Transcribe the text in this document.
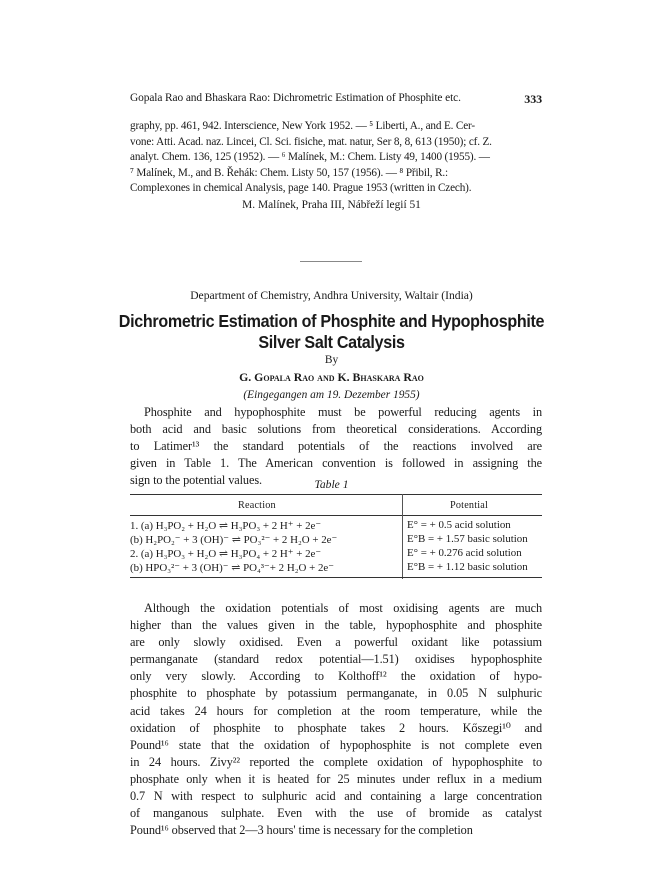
Gopala Rao and Bhaskara Rao: Dichrometric Estimation of Phosphite etc.	333
graphy, pp. 461, 942. Interscience, New York 1952. — ⁵ Liberti, A., and E. Cer-
vone: Atti. Acad. naz. Lincei, Cl. Sci. fisiche, mat. natur, Ser 8, 8, 613 (1950); cf. Z.
analyt. Chem. 136, 125 (1952). — ⁶ Malínek, M.: Chem. Listy 49, 1400 (1955). —
⁷ Malínek, M., and B. Řehák: Chem. Listy 50, 157 (1956). — ⁸ Přibil, R.:
Complexones in chemical Analysis, page 140. Prague 1953 (written in Czech).
M. Malínek, Praha III, Nábřeží legií 51
Department of Chemistry, Andhra University, Waltair (India)
Dichrometric Estimation of Phosphite and Hypophosphite
Silver Salt Catalysis
By
G. Gopala Rao and K. Bhaskara Rao
(Eingegangen am 19. Dezember 1955)
Phosphite and hypophosphite must be powerful reducing agents in
both acid and basic solutions from theoretical considerations. According
to Latimer¹³ the standard potentials of the reactions involved are
given in Table 1. The American convention is followed in assigning the
sign to the potential values.	Table 1
Reaction	Potential
1. (a) H₃PO₂ + H₂O ⇌ H₃PO₃ + 2 H⁺ + 2e⁻	E° = + 0.5 acid solution
(b) H₂PO₂⁻ + 3 (OH)⁻ ⇌ PO₃²⁻ + 2 H₂O + 2e⁻	E°B = + 1.57 basic solution
2. (a) H₃PO₃ + H₂O ⇌ H₃PO₄ + 2 H⁺ + 2e⁻	E° = + 0.276 acid solution
(b) HPO₃²⁻ + 3 (OH)⁻ ⇌ PO₄³⁻+ 2 H₂O + 2e⁻	E°B = + 1.12 basic solution
Although the oxidation potentials of most oxidising agents are much
higher than the values given in the table, hypophosphite and phosphite
are only slowly oxidised. Even a powerful oxidant like potassium
permanganate (standard redox potential—1.51) oxidises hypophosphite
only very slowly. According to Kolthoff¹² the oxidation of hypo-
phosphite to phosphate by potassium permanganate, in 0.05 N sulphuric
acid takes 24 hours for completion at the room temperature, while the
oxidation of phosphite to phosphate takes 2 hours. Kőszegi¹⁰ and
Pound¹⁶ state that the oxidation of hypophosphite is not complete even
in 24 hours. Zivy²² reported the complete oxidation of hypophosphite to
phosphate only when it is heated for 25 minutes under reflux in a medium
0.7 N with respect to sulphuric acid and containing a large concentration
of manganous sulphate. Even with the use of bromide as catalyst
Pound¹⁶ observed that 2—3 hours' time is necessary for the completion
